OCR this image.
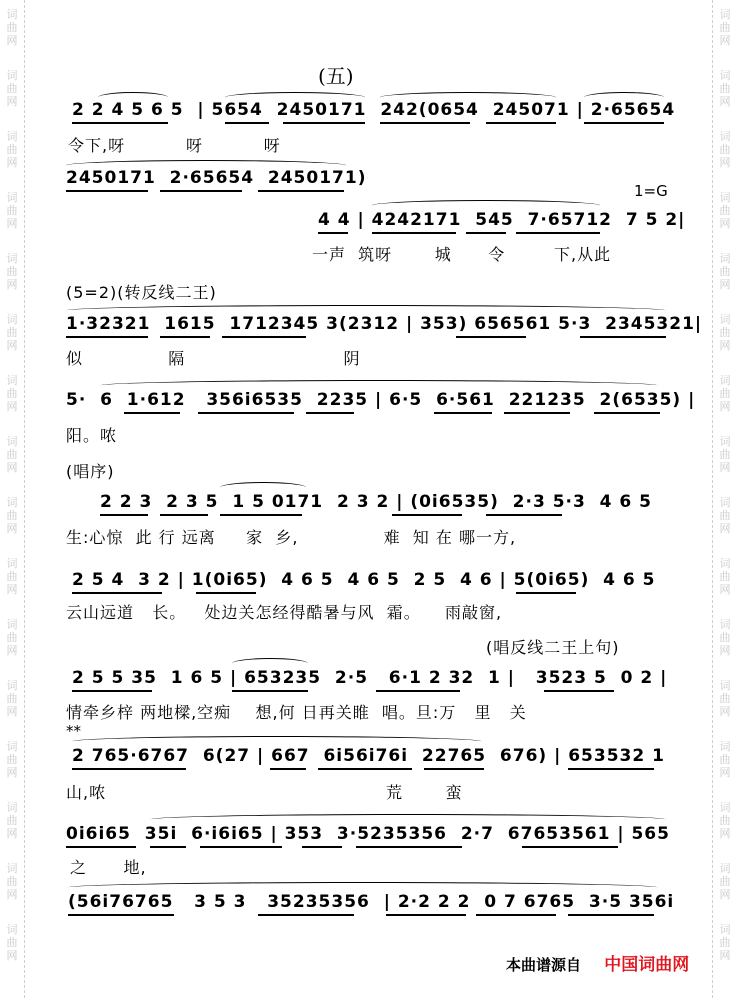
词
曲
网
词
曲
网
词
曲
网
词
曲
网
词
曲
网
词
曲
网
词
曲
网
词
曲
网
词
曲
网
词
曲
网
词
曲
网
词
曲
网
词
曲
网
词
曲
网
词
曲
网
词
曲
网
词
曲
网
词
曲
网
词
曲
网
词
曲
网
词
曲
网
词
曲
网
词
曲
网
词
曲
网
词
曲
网
词
曲
网
词
曲
网
词
曲
网
词
曲
网
词
曲
网
词
曲
网
词
曲
网
(五)
2 2 4 5 6 5  | 5654  2450171  242(0654  245071 | 2·65654
令下,呀          呀          呀
2450171  2·65654  2450171)
1=G
4 4 | 4242171  545  7·65712  7 5 2|
一声  筑呀       城      令        下,从此
(5=2)(转反线二王)
1·32321  1615  1712345 3(2312 | 353) 656561 5·3  2345321|
似              隔                          阴
5·  6  1·612   356i6535  2235 | 6·5  6·561  221235  2(6535) |
阳。哝
(唱序)
2 2 3  2 3 5  1 5 0171  2 3 2 | (0i6535)  2·3 5·3  4 6 5
生:心惊  此 行 远离     家  乡,              难  知 在 哪一方,
2 5 4  3 2 | 1(0i65)  4 6 5  4 6 5  2 5  4 6 | 5(0i65)  4 6 5
云山远道   长。   处边关怎经得酷暑与风  霜。    雨敲窗,
(唱反线二王上句)
2 5 5 35  1 6 5 | 653235  2·5   6·1 2 32  1 |   3523 5  0 2 |
情牵乡梓 两地樑,空痴    想,何 日再关睢  唱。旦:万   里   关
**
2 765·6767  6(27 | 667  6i56i76i  22765  676) | 653532 1
山,哝                                              荒       蛮
0i6i65  35i  6·i6i65 | 353  3·5235356  2·7  67653561 | 565
之      地,
(56i76765   3 5 3   35235356  | 2·2 2 2  0 7 6765  3·5 356i
本曲谱源自 中国词曲网
